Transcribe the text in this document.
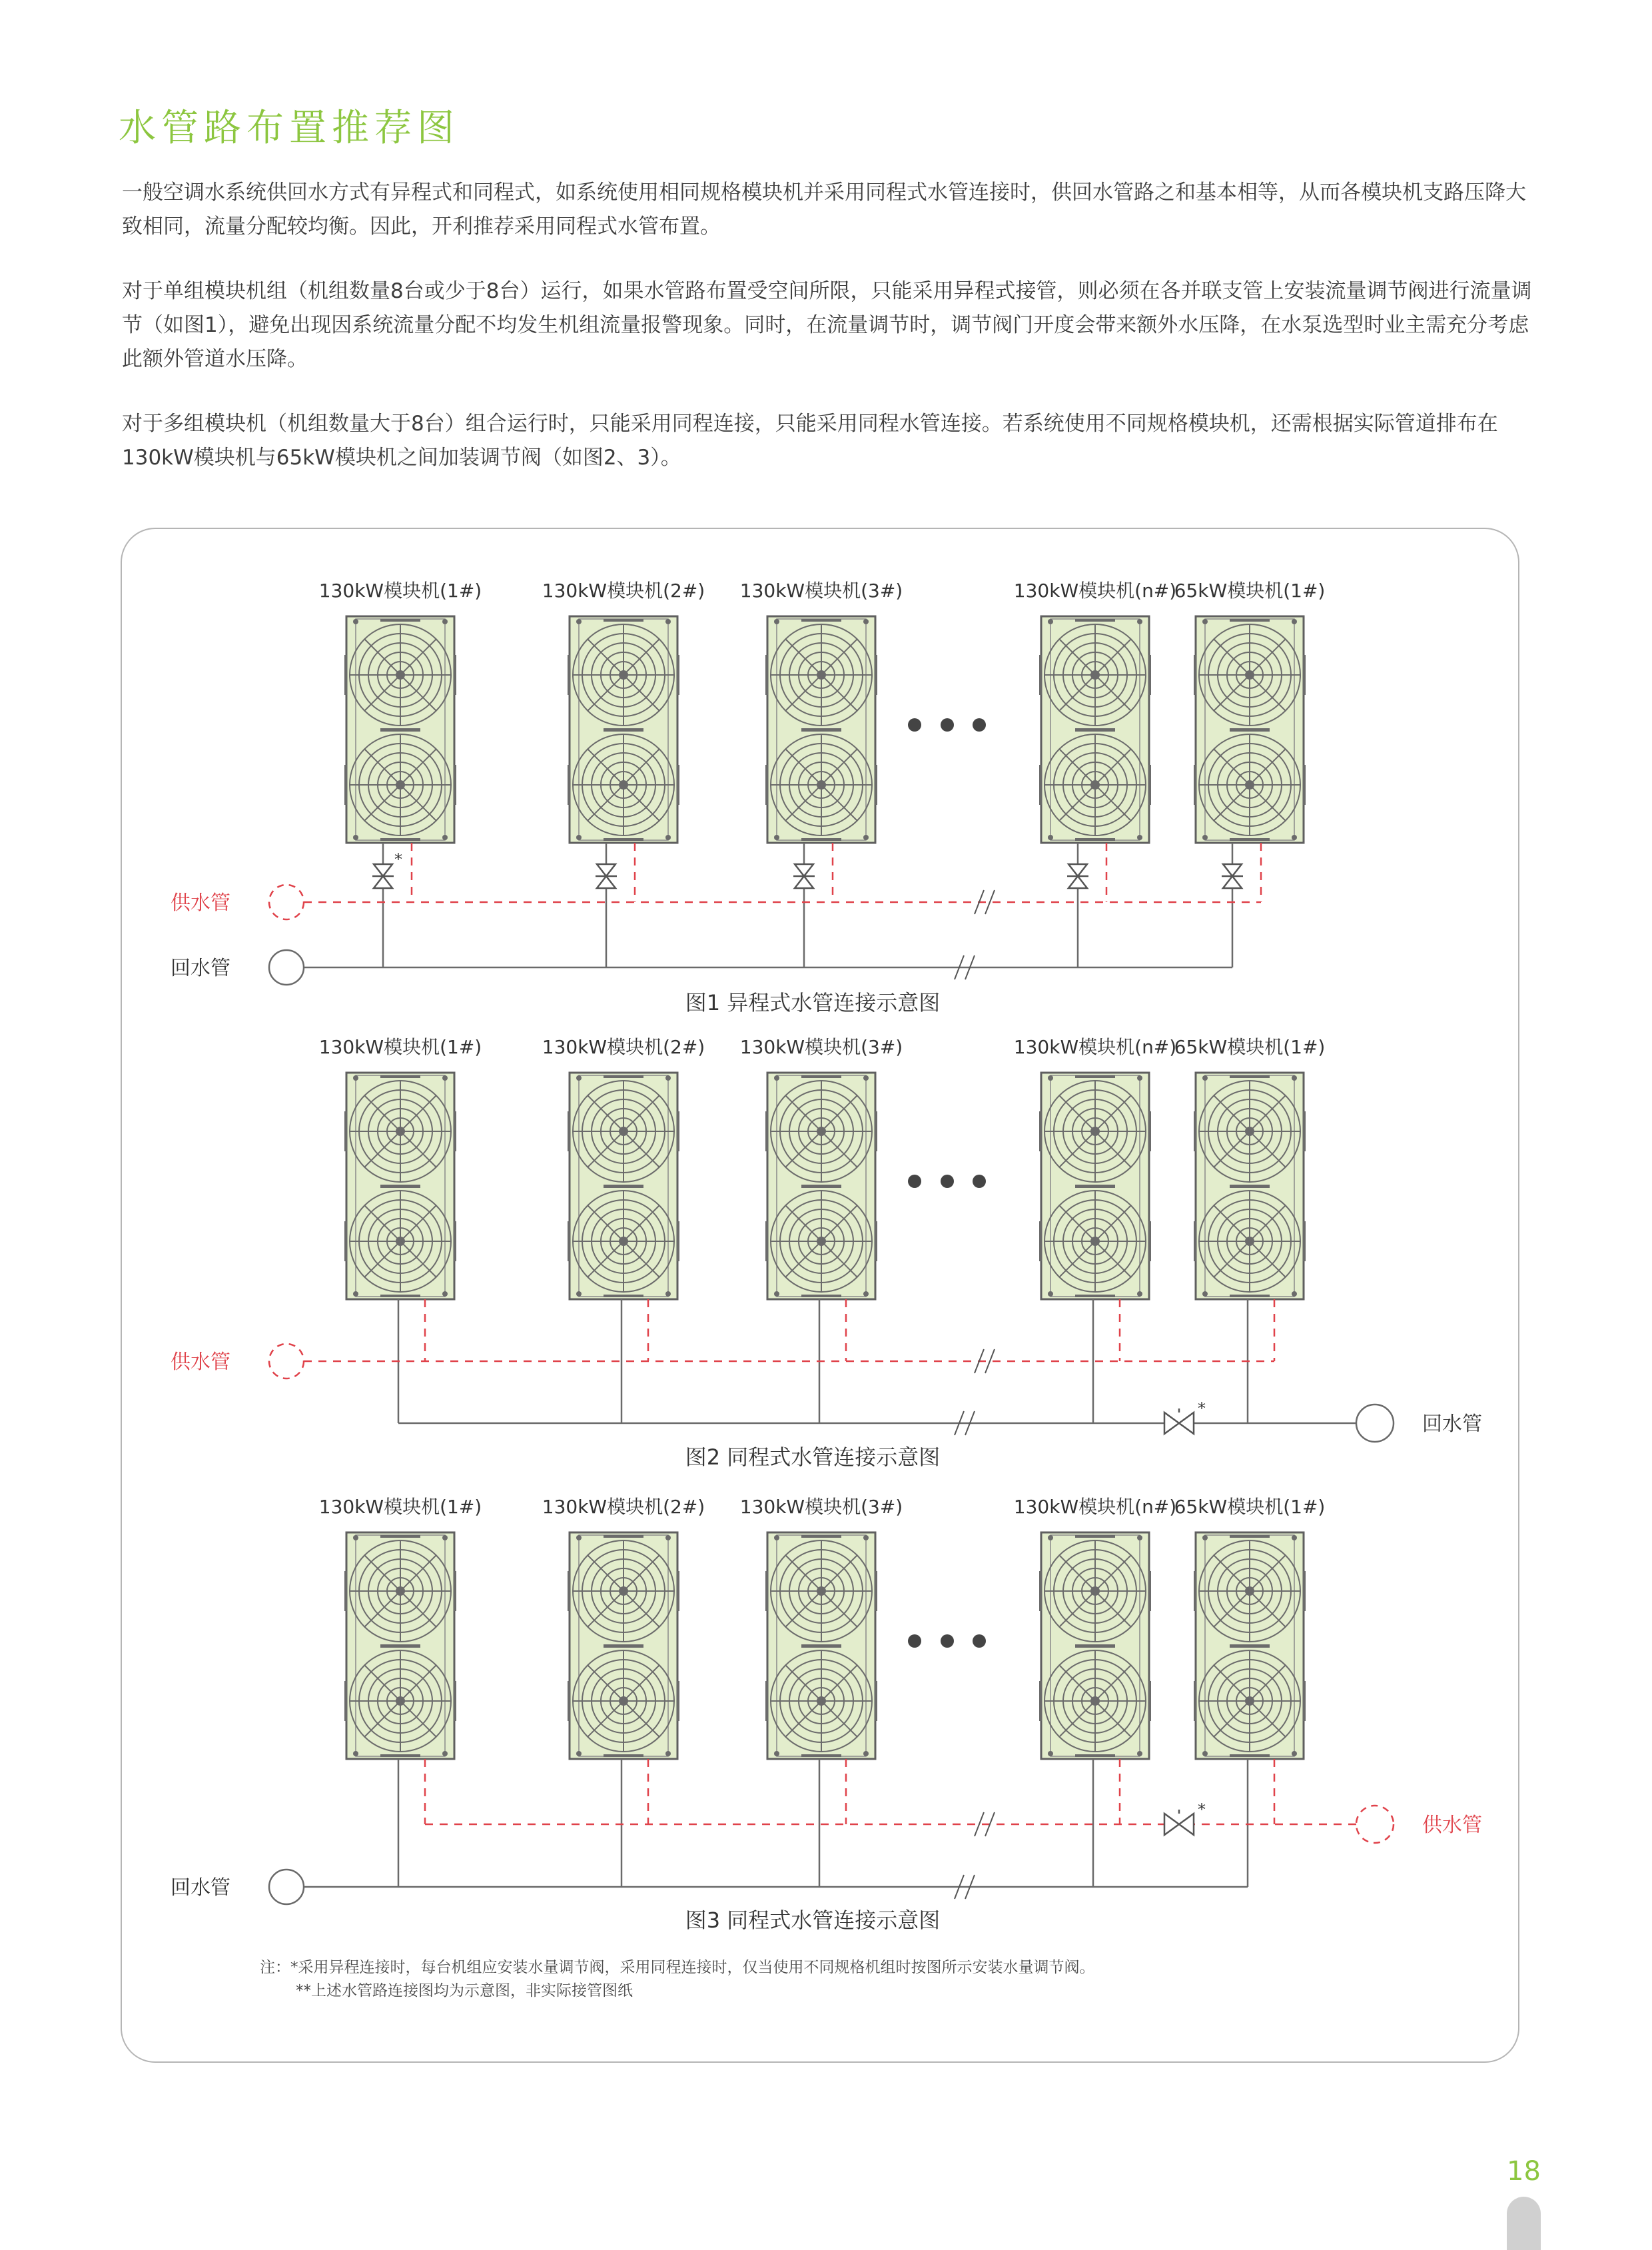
水管路布置推荐图

一般空调水系统供回水方式有异程式和同程式，如系统使用相同规格模块机并采用同程式水管连接时，供回水管路之和基本相等，从而各模块机支路压降大致相同，流量分配较均衡。因此，开利推荐采用同程式水管布置。

对于单组模块机组（机组数量8台或少于8台）运行，如果水管路布置受空间所限，只能采用异程式接管，则必须在各并联支管上安装流量调节阀进行流量调节（如图1），避免出现因系统流量分配不均发生机组流量报警现象。同时，在流量调节时，调节阀门开度会带来额外水压降，在水泵选型时业主需充分考虑此额外管道水压降。

对于多组模块机（机组数量大于8台）组合运行时，只能采用同程连接，只能采用同程水管连接。若系统使用不同规格模块机，还需根据实际管道排布在130kW模块机与65kW模块机之间加装调节阀（如图2、3）。

130kW模块机(1#)	130kW模块机(2#) 130kW模块机(3#)	130kW模块机(n#)
65kW模块机(1#)
*
供水管
回水管
图1 异程式水管连接示意图
130kW模块机(1#)	130kW模块机(2#) 130kW模块机(3#)	130kW模块机(n#)
65kW模块机(1#)
*
供水管
回水管
图2 同程式水管连接示意图
130kW模块机(1#)	130kW模块机(2#) 130kW模块机(3#)	130kW模块机(n#)
65kW模块机(1#)
*
供水管
回水管
图3 同程式水管连接示意图
注：*采用异程连接时，每台机组应安装水量调节阀，采用同程连接时，仅当使用不同规格机组时按图所示安装水量调节阀。
**上述水管路连接图均为示意图，非实际接管图纸
18
